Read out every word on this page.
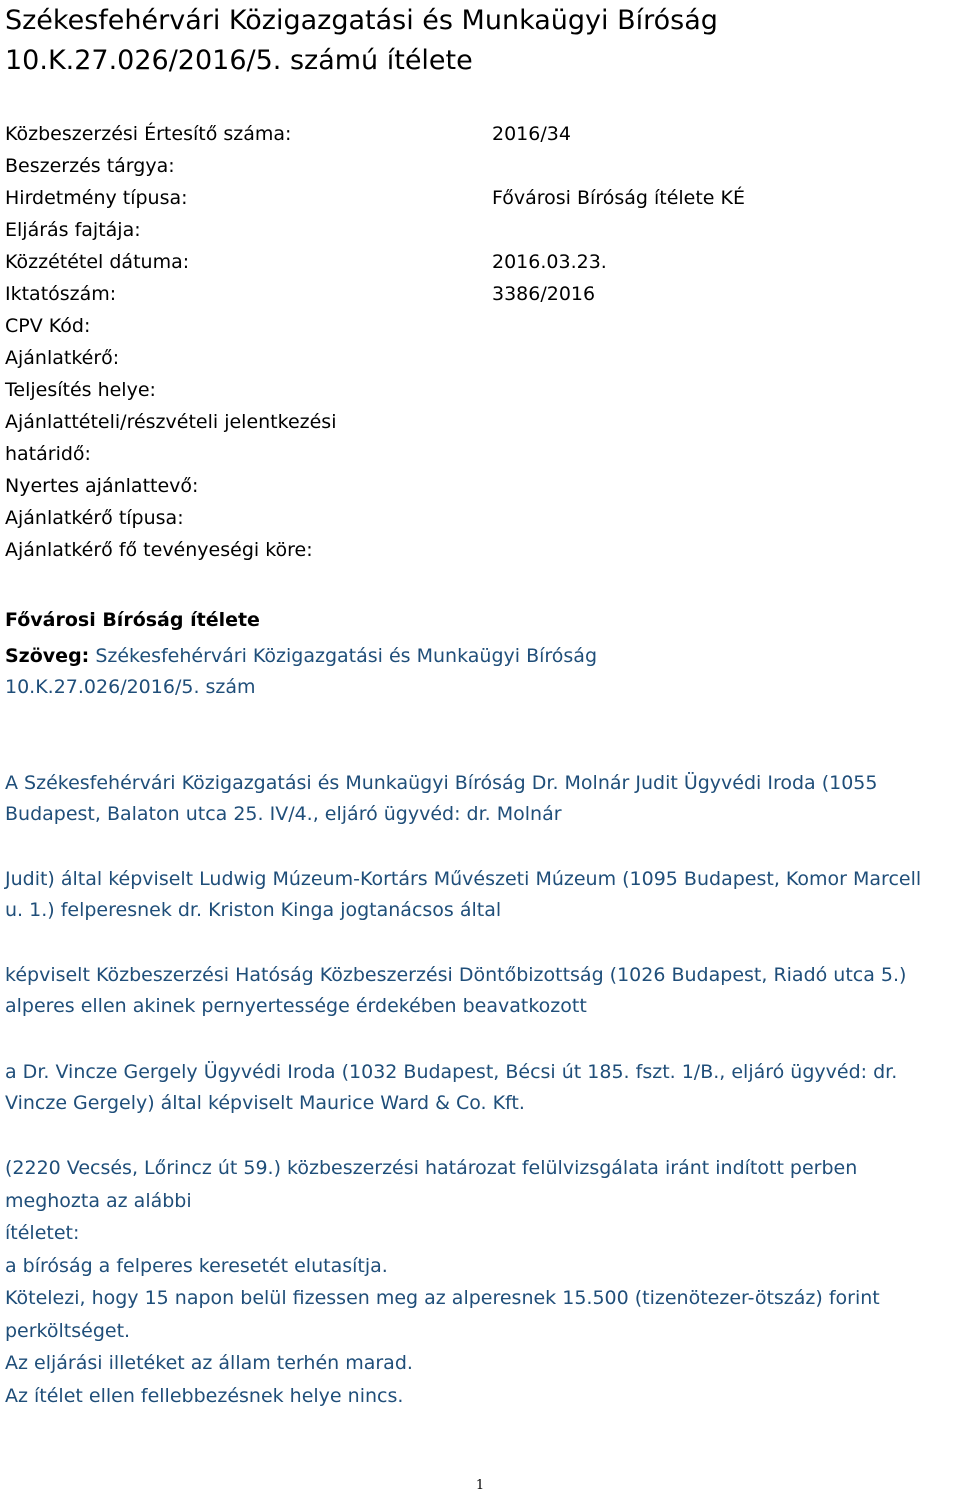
Székesfehérvári Közigazgatási és Munkaügyi Bíróság
10.K.27.026/2016/5. számú ítélete
Közbeszerzési Értesítő száma:	2016/34
Beszerzés tárgya:
Hirdetmény típusa:	Fővárosi Bíróság ítélete KÉ
Eljárás fajtája:
Közzététel dátuma:	2016.03.23.
Iktatószám:	3386/2016
CPV Kód:
Ajánlatkérő:
Teljesítés helye:
Ajánlattételi/részvételi jelentkezési határidő:
Nyertes ajánlattevő:
Ajánlatkérő típusa:
Ajánlatkérő fő tevényeségi köre:
Fővárosi Bíróság ítélete
Szöveg: Székesfehérvári Közigazgatási és Munkaügyi Bíróság
10.K.27.026/2016/5. szám
A Székesfehérvári Közigazgatási és Munkaügyi Bíróság Dr. Molnár Judit Ügyvédi Iroda (1055
Budapest, Balaton utca 25. IV/4., eljáró ügyvéd: dr. Molnár
Judit) által képviselt Ludwig Múzeum-Kortárs Művészeti Múzeum (1095 Budapest, Komor Marcell
u. 1.) felperesnek dr. Kriston Kinga jogtanácsos által
képviselt Közbeszerzési Hatóság Közbeszerzési Döntőbizottság (1026 Budapest, Riadó utca 5.)
alperes ellen akinek pernyertessége érdekében beavatkozott
a Dr. Vincze Gergely Ügyvédi Iroda (1032 Budapest, Bécsi út 185. fszt. 1/B., eljáró ügyvéd: dr.
Vincze Gergely) által képviselt Maurice Ward & Co. Kft.
(2220 Vecsés, Lőrincz út 59.) közbeszerzési határozat felülvizsgálata iránt indított perben
meghozta az alábbi
ítéletet:
a bíróság a felperes keresetét elutasítja.
Kötelezi, hogy 15 napon belül fizessen meg az alperesnek 15.500 (tizenötezer-ötszáz) forint
perköltséget.
Az eljárási illetéket az állam terhén marad.
Az ítélet ellen fellebbezésnek helye nincs.
1
